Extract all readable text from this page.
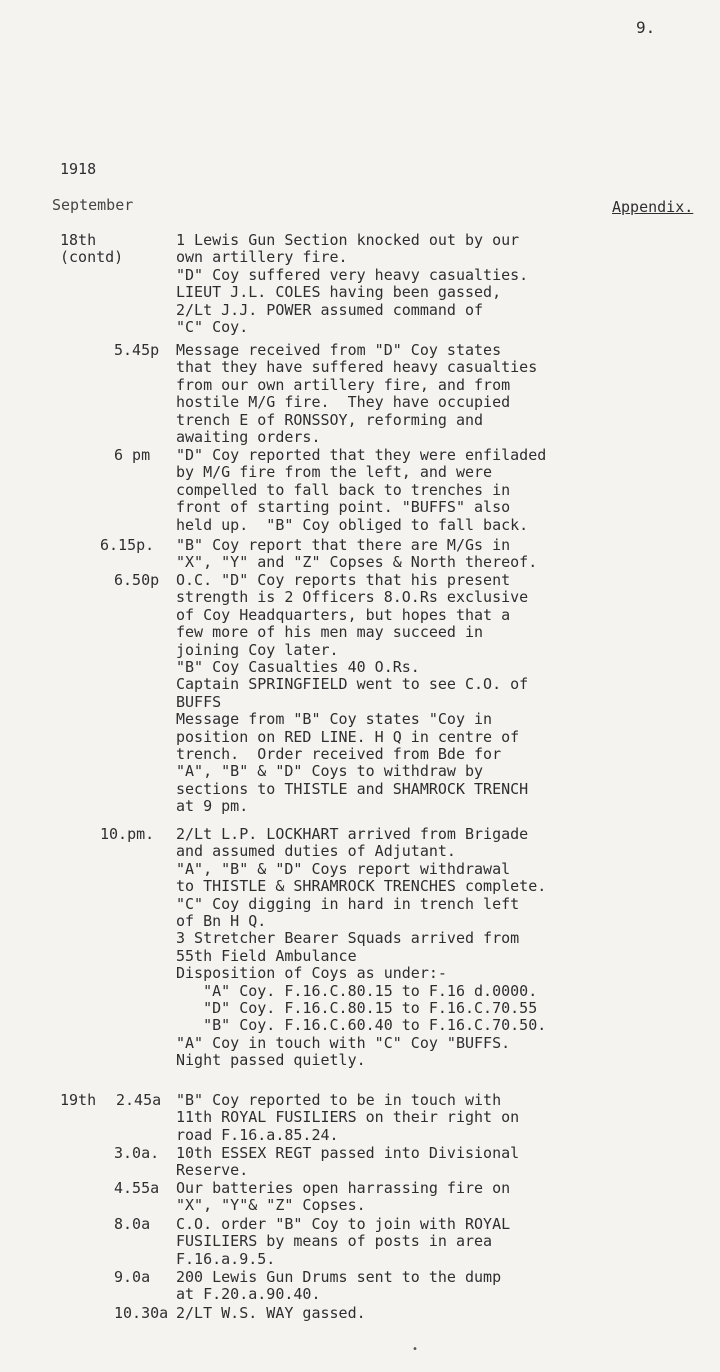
9.
1918
September	Appendix.
18th
(contd)
1 Lewis Gun Section knocked out by our
own artillery fire.
"D" Coy suffered very heavy casualties.
LIEUT J.L. COLES having been gassed,
2/Lt J.J. POWER assumed command of
"C" Coy.
5.45p Message received from "D" Coy states
that they have suffered heavy casualties
from our own artillery fire, and from
hostile M/G fire.  They have occupied
trench E of RONSSOY, reforming and
awaiting orders.
6 pm "D" Coy reported that they were enfiladed
by M/G fire from the left, and were
compelled to fall back to trenches in
front of starting point. "BUFFS" also
held up.  "B" Coy obliged to fall back.
6.15p. "B" Coy report that there are M/Gs in
"X", "Y" and "Z" Copses & North thereof.
6.50p O.C. "D" Coy reports that his present
strength is 2 Officers 8.O.Rs exclusive
of Coy Headquarters, but hopes that a
few more of his men may succeed in
joining Coy later.
"B" Coy Casualties 40 O.Rs.
Captain SPRINGFIELD went to see C.O. of
BUFFS
Message from "B" Coy states "Coy in
position on RED LINE. H Q in centre of
trench.  Order received from Bde for
"A", "B" & "D" Coys to withdraw by
sections to THISTLE and SHAMROCK TRENCH
at 9 pm.
10.pm. 2/Lt L.P. LOCKHART arrived from Brigade
and assumed duties of Adjutant.
"A", "B" & "D" Coys report withdrawal
to THISTLE & SHRAMROCK TRENCHES complete.
"C" Coy digging in hard in trench left
of Bn H Q.
3 Stretcher Bearer Squads arrived from
55th Field Ambulance
Disposition of Coys as under:-
"A" Coy. F.16.C.80.15 to F.16 d.0000.
"D" Coy. F.16.C.80.15 to F.16.C.70.55
"B" Coy. F.16.C.60.40 to F.16.C.70.50.
"A" Coy in touch with "C" Coy "BUFFS.
Night passed quietly.
19th 2.45a "B" Coy reported to be in touch with
11th ROYAL FUSILIERS on their right on
road F.16.a.85.24.
3.0a. 10th ESSEX REGT passed into Divisional
Reserve.
4.55a Our batteries open harrassing fire on
"X", "Y"& "Z" Copses.
8.0a C.O. order "B" Coy to join with ROYAL
FUSILIERS by means of posts in area
F.16.a.9.5.
9.0a 200 Lewis Gun Drums sent to the dump
at F.20.a.90.40.
10.30a 2/LT W.S. WAY gassed.
•
